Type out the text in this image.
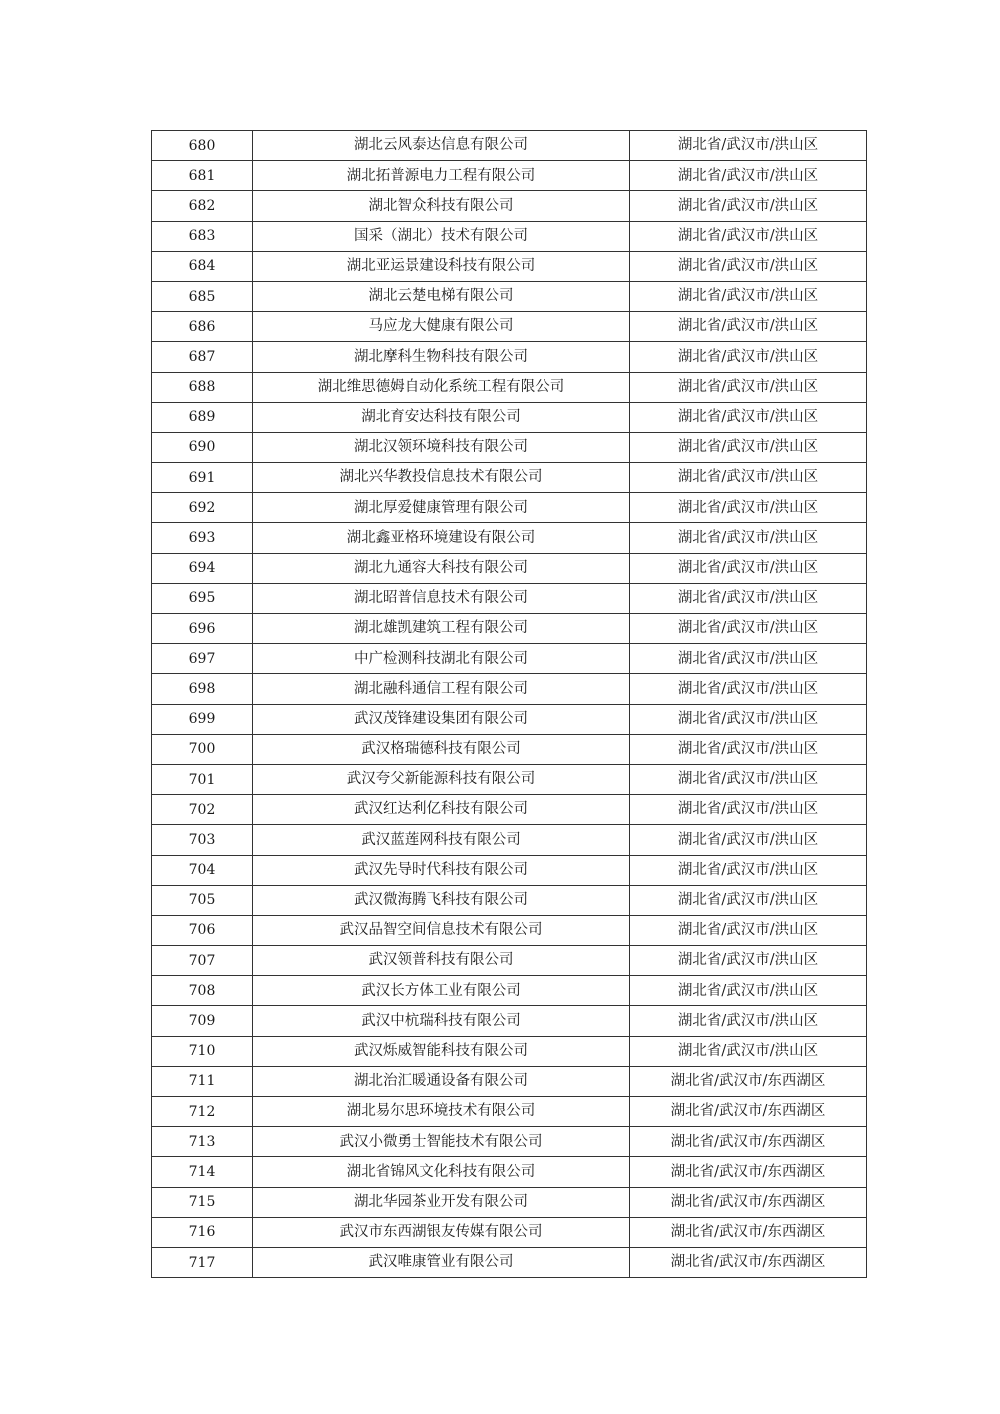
680	湖北云风泰达信息有限公司	湖北省/武汉市/洪山区
681	湖北拓普源电力工程有限公司	湖北省/武汉市/洪山区
682	湖北智众科技有限公司	湖北省/武汉市/洪山区
683	国采（湖北）技术有限公司	湖北省/武汉市/洪山区
684	湖北亚运景建设科技有限公司	湖北省/武汉市/洪山区
685	湖北云楚电梯有限公司	湖北省/武汉市/洪山区
686	马应龙大健康有限公司	湖北省/武汉市/洪山区
687	湖北摩科生物科技有限公司	湖北省/武汉市/洪山区
688	湖北维思德姆自动化系统工程有限公司	湖北省/武汉市/洪山区
689	湖北育安达科技有限公司	湖北省/武汉市/洪山区
690	湖北汉领环境科技有限公司	湖北省/武汉市/洪山区
691	湖北兴华教投信息技术有限公司	湖北省/武汉市/洪山区
692	湖北厚爱健康管理有限公司	湖北省/武汉市/洪山区
693	湖北鑫亚格环境建设有限公司	湖北省/武汉市/洪山区
694	湖北九通容大科技有限公司	湖北省/武汉市/洪山区
695	湖北昭普信息技术有限公司	湖北省/武汉市/洪山区
696	湖北雄凯建筑工程有限公司	湖北省/武汉市/洪山区
697	中广检测科技湖北有限公司	湖北省/武汉市/洪山区
698	湖北融科通信工程有限公司	湖北省/武汉市/洪山区
699	武汉茂锋建设集团有限公司	湖北省/武汉市/洪山区
700	武汉格瑞德科技有限公司	湖北省/武汉市/洪山区
701	武汉夸父新能源科技有限公司	湖北省/武汉市/洪山区
702	武汉红达利亿科技有限公司	湖北省/武汉市/洪山区
703	武汉蓝莲网科技有限公司	湖北省/武汉市/洪山区
704	武汉先导时代科技有限公司	湖北省/武汉市/洪山区
705	武汉微海腾飞科技有限公司	湖北省/武汉市/洪山区
706	武汉品智空间信息技术有限公司	湖北省/武汉市/洪山区
707	武汉领普科技有限公司	湖北省/武汉市/洪山区
708	武汉长方体工业有限公司	湖北省/武汉市/洪山区
709	武汉中杭瑞科技有限公司	湖北省/武汉市/洪山区
710	武汉烁威智能科技有限公司	湖北省/武汉市/洪山区
711	湖北治汇暖通设备有限公司	湖北省/武汉市/东西湖区
712	湖北易尔思环境技术有限公司	湖北省/武汉市/东西湖区
713	武汉小微勇士智能技术有限公司	湖北省/武汉市/东西湖区
714	湖北省锦风文化科技有限公司	湖北省/武汉市/东西湖区
715	湖北华园茶业开发有限公司	湖北省/武汉市/东西湖区
716	武汉市东西湖银友传媒有限公司	湖北省/武汉市/东西湖区
717	武汉唯康管业有限公司	湖北省/武汉市/东西湖区
